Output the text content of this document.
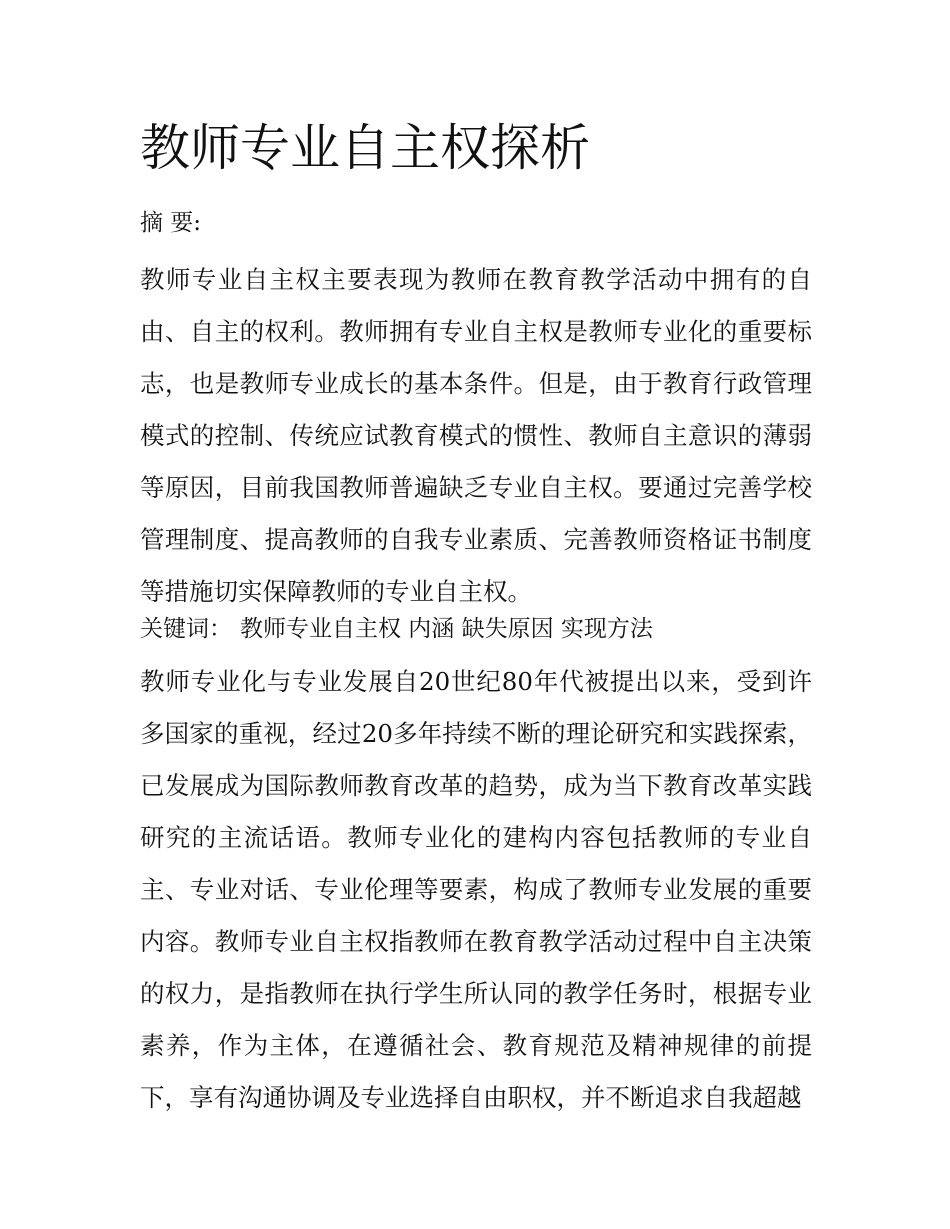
教师专业自主权探析
摘 要:

教师专业自主权主要表现为教师在教育教学活动中拥有的自由、自主的权利。教师拥有专业自主权是教师专业化的重要标志，也是教师专业成长的基本条件。但是，由于教育行政管理模式的控制、传统应试教育模式的惯性、教师自主意识的薄弱等原因，目前我国教师普遍缺乏专业自主权。要通过完善学校管理制度、提高教师的自我专业素质、完善教师资格证书制度等措施切实保障教师的专业自主权。

关键词： 教师专业自主权 内涵 缺失原因 实现方法

教师专业化与专业发展自20世纪80年代被提出以来，受到许多国家的重视，经过20多年持续不断的理论研究和实践探索，已发展成为国际教师教育改革的趋势，成为当下教育改革实践研究的主流话语。教师专业化的建构内容包括教师的专业自主、专业对话、专业伦理等要素，构成了教师专业发展的重要内容。教师专业自主权指教师在教育教学活动过程中自主决策的权力，是指教师在执行学生所认同的教学任务时，根据专业素养，作为主体，在遵循社会、教育规范及精神规律的前提下，享有沟通协调及专业选择自由职权，并不断追求自我超越
